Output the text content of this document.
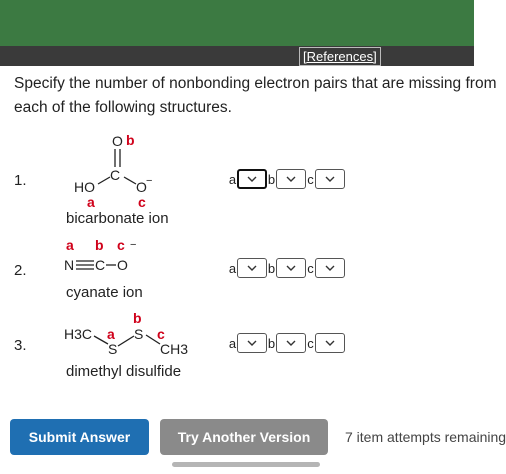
[References]
Specify the number of nonbonding electron pairs that are missing from
each of the following structures.
1.
O b
C
HO	O −
a	c
bicarbonate ion
a b c
2.
a b c −
N C O
cyanate ion
a b c
3.
b
a	c
H3C
S
S
CH3
dimethyl disulfide
a b c
Submit Answer	Try Another Version	7 item attempts remaining
